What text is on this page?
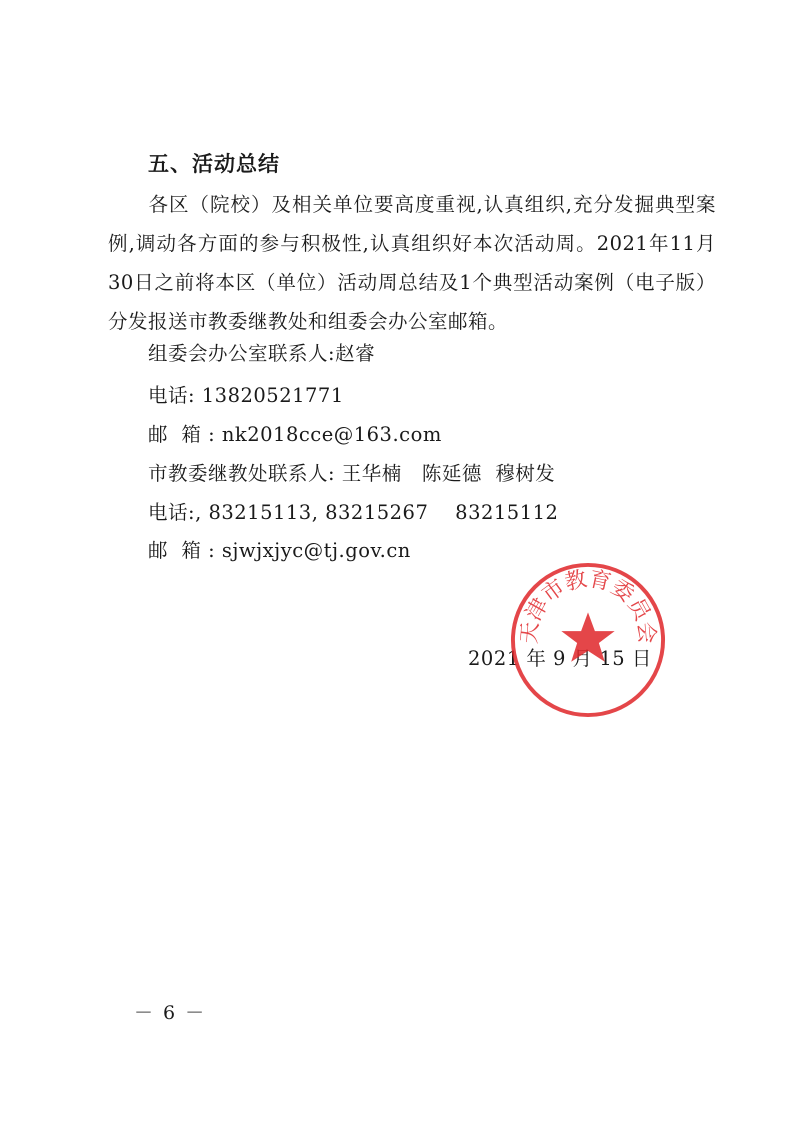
五、活动总结

各区（院校）及相关单位要高度重视,认真组织,充分发掘典型案例,调动各方面的参与积极性,认真组织好本次活动周。2021年11月30日之前将本区（单位）活动周总结及1个典型活动案例（电子版）分发报送市教委继教处和组委会办公室邮箱。

组委会办公室联系人:赵睿
电话: 13820521771
邮  箱 : nk2018cce@163.com
市教委继教处联系人: 王华楠   陈延德  穆树发
电话:, 83215113, 83215267    83215112
邮  箱 : sjwjxjyc@tj.gov.cn
2021 年 9 月 15 日
天津市教育委员会
－ 6 －
